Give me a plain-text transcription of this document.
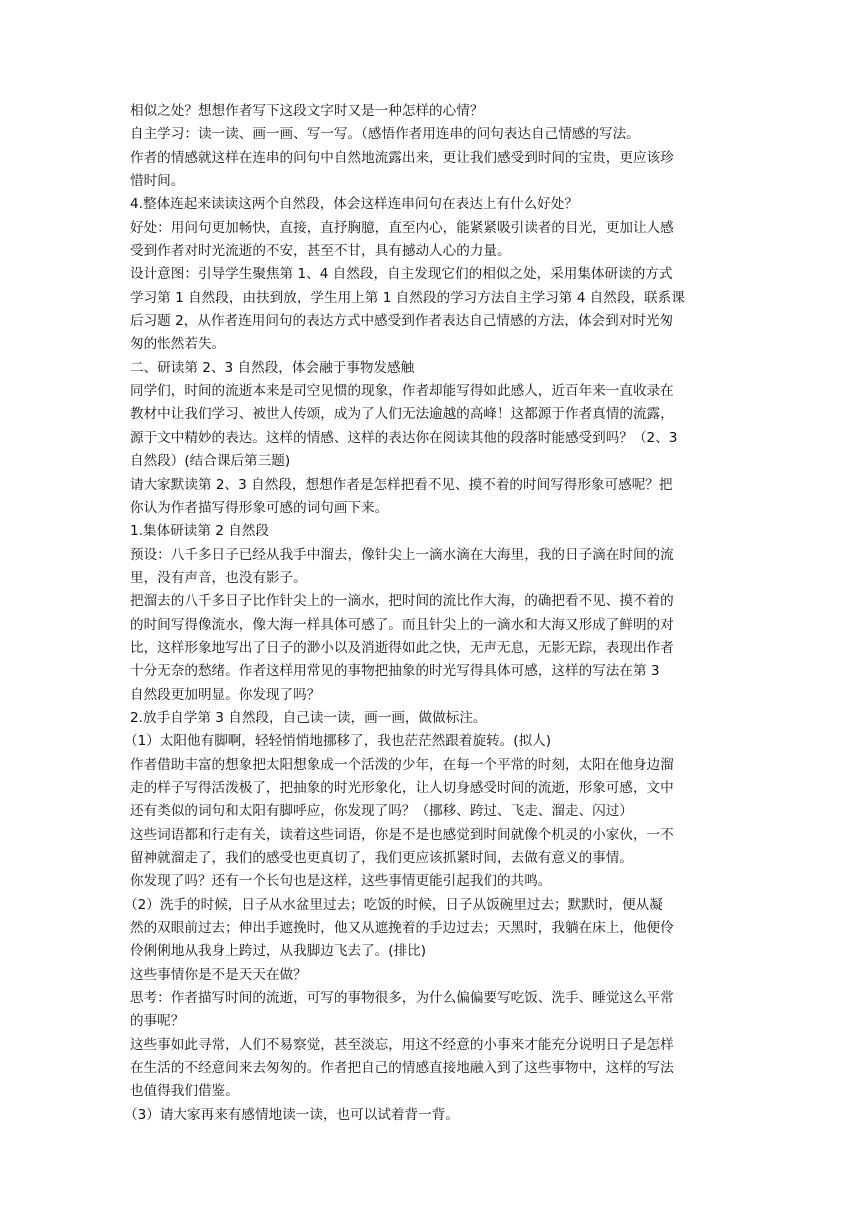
相似之处？想想作者写下这段文字时又是一种怎样的心情？
自主学习：读一读、画一画、写一写。（感悟作者用连串的问句表达自己情感的写法。
作者的情感就这样在连串的问句中自然地流露出来，更让我们感受到时间的宝贵，更应该珍
惜时间。
4.整体连起来读读这两个自然段，体会这样连串问句在表达上有什么好处？
好处：用问句更加畅快，直接，直抒胸臆，直至内心，能紧紧吸引读者的目光，更加让人感
受到作者对时光流逝的不安，甚至不甘，具有撼动人心的力量。
设计意图：引导学生聚焦第 1、4 自然段，自主发现它们的相似之处，采用集体研读的方式
学习第 1 自然段，由扶到放，学生用上第 1 自然段的学习方法自主学习第 4 自然段，联系课
后习题 2，从作者连用问句的表达方式中感受到作者表达自己情感的方法，体会到对时光匆
匆的怅然若失。
二、研读第 2、3 自然段，体会融于事物发感触
同学们，时间的流逝本来是司空见惯的现象，作者却能写得如此感人，近百年来一直收录在
教材中让我们学习、被世人传颂，成为了人们无法逾越的高峰！这都源于作者真情的流露，
源于文中精妙的表达。这样的情感、这样的表达你在阅读其他的段落时能感受到吗？（2、3
自然段）(结合课后第三题)
请大家默读第 2、3 自然段，想想作者是怎样把看不见、摸不着的时间写得形象可感呢？把
你认为作者描写得形象可感的词句画下来。
1.集体研读第 2 自然段
预设：八千多日子已经从我手中溜去，像针尖上一滴水滴在大海里，我的日子滴在时间的流
里，没有声音，也没有影子。
把溜去的八千多日子比作针尖上的一滴水，把时间的流比作大海，的确把看不见、摸不着的
的时间写得像流水，像大海一样具体可感了。而且针尖上的一滴水和大海又形成了鲜明的对
比，这样形象地写出了日子的渺小以及消逝得如此之快，无声无息，无影无踪，表现出作者
十分无奈的愁绪。作者这样用常见的事物把抽象的时光写得具体可感，这样的写法在第 3
自然段更加明显。你发现了吗？
2.放手自学第 3 自然段，自己读一读，画一画，做做标注。
（1）太阳他有脚啊，轻轻悄悄地挪移了，我也茫茫然跟着旋转。(拟人)
作者借助丰富的想象把太阳想象成一个活泼的少年，在每一个平常的时刻，太阳在他身边溜
走的样子写得活泼极了，把抽象的时光形象化，让人切身感受时间的流逝，形象可感，文中
还有类似的词句和太阳有脚呼应，你发现了吗？（挪移、跨过、飞走、溜走、闪过）
这些词语都和行走有关，读着这些词语，你是不是也感觉到时间就像个机灵的小家伙，一不
留神就溜走了，我们的感受也更真切了，我们更应该抓紧时间，去做有意义的事情。
你发现了吗？还有一个长句也是这样，这些事情更能引起我们的共鸣。
（2）洗手的时候，日子从水盆里过去；吃饭的时候，日子从饭碗里过去；默默时，便从凝
然的双眼前过去；伸出手遮挽时，他又从遮挽着的手边过去；天黑时，我躺在床上，他便伶
伶俐俐地从我身上跨过，从我脚边飞去了。(排比)
这些事情你是不是天天在做？
思考：作者描写时间的流逝，可写的事物很多，为什么偏偏要写吃饭、洗手、睡觉这么平常
的事呢？
这些事如此寻常，人们不易察觉，甚至淡忘，用这不经意的小事来才能充分说明日子是怎样
在生活的不经意间来去匆匆的。作者把自己的情感直接地融入到了这些事物中，这样的写法
也值得我们借鉴。
（3）请大家再来有感情地读一读，也可以试着背一背。
